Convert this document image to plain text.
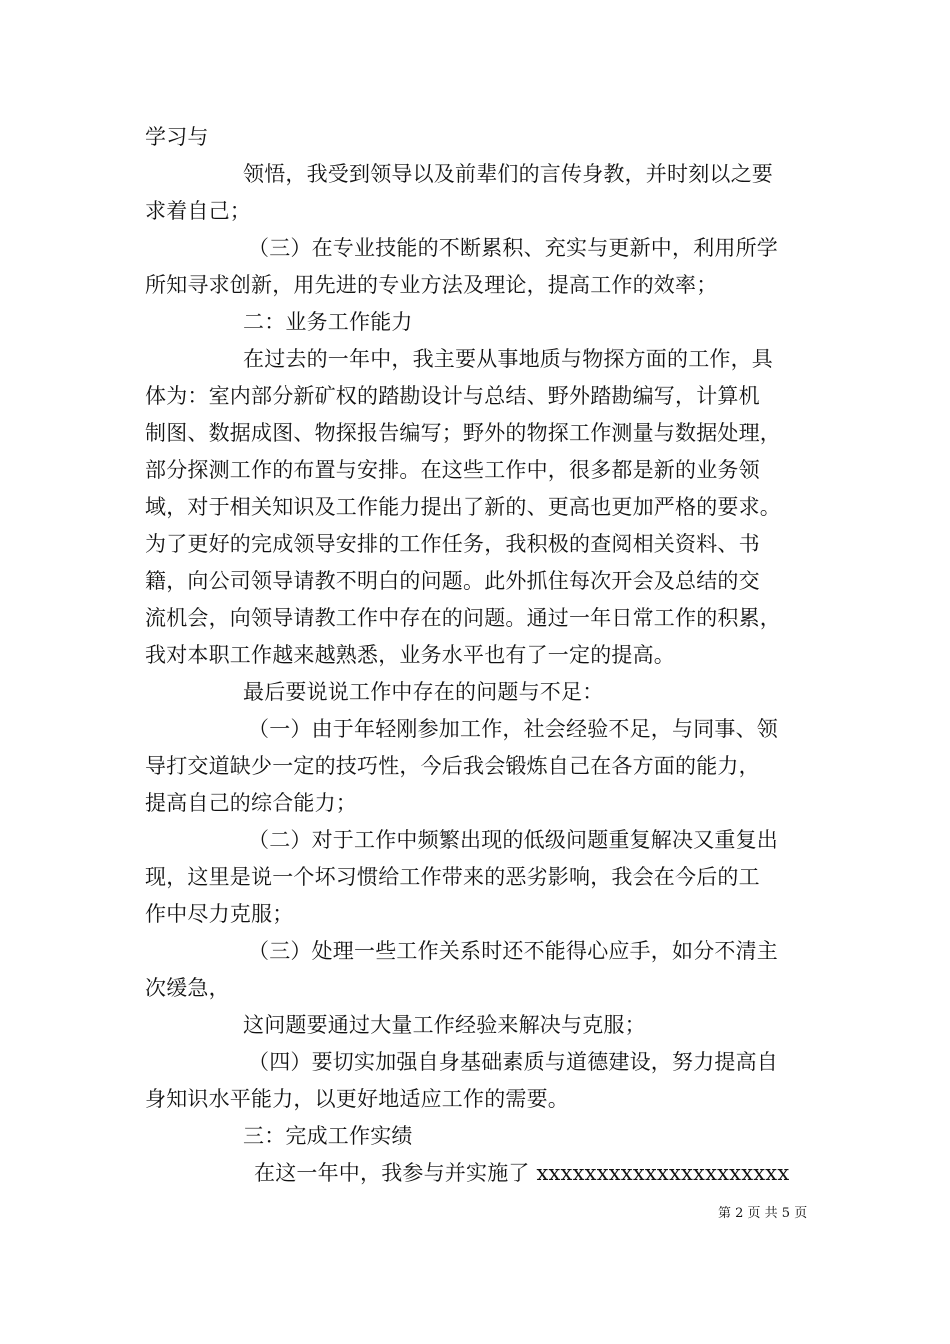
学习与
领悟，我受到领导以及前辈们的言传身教，并时刻以之要
求着自己；
（三）在专业技能的不断累积、充实与更新中，利用所学
所知寻求创新，用先进的专业方法及理论，提高工作的效率；
二：业务工作能力
在过去的一年中，我主要从事地质与物探方面的工作，具
体为：室内部分新矿权的踏勘设计与总结、野外踏勘编写，计算机
制图、数据成图、物探报告编写；野外的物探工作测量与数据处理，
部分探测工作的布置与安排。在这些工作中，很多都是新的业务领
域，对于相关知识及工作能力提出了新的、更高也更加严格的要求。
为了更好的完成领导安排的工作任务，我积极的查阅相关资料、书
籍，向公司领导请教不明白的问题。此外抓住每次开会及总结的交
流机会，向领导请教工作中存在的问题。通过一年日常工作的积累，
我对本职工作越来越熟悉，业务水平也有了一定的提高。
最后要说说工作中存在的问题与不足：
（一）由于年轻刚参加工作，社会经验不足，与同事、领
导打交道缺少一定的技巧性，今后我会锻炼自己在各方面的能力，
提高自己的综合能力；
（二）对于工作中频繁出现的低级问题重复解决又重复出
现，这里是说一个坏习惯给工作带来的恶劣影响，我会在今后的工
作中尽力克服；
（三）处理一些工作关系时还不能得心应手，如分不清主
次缓急，
这问题要通过大量工作经验来解决与克服；
（四）要切实加强自身基础素质与道德建设，努力提高自
身知识水平能力，以更好地适应工作的需要。
三：完成工作实绩
在这一年中，我参与并实施了 xxxxxxxxxxxxxxxxxxxxx
第 2 页 共 5 页
